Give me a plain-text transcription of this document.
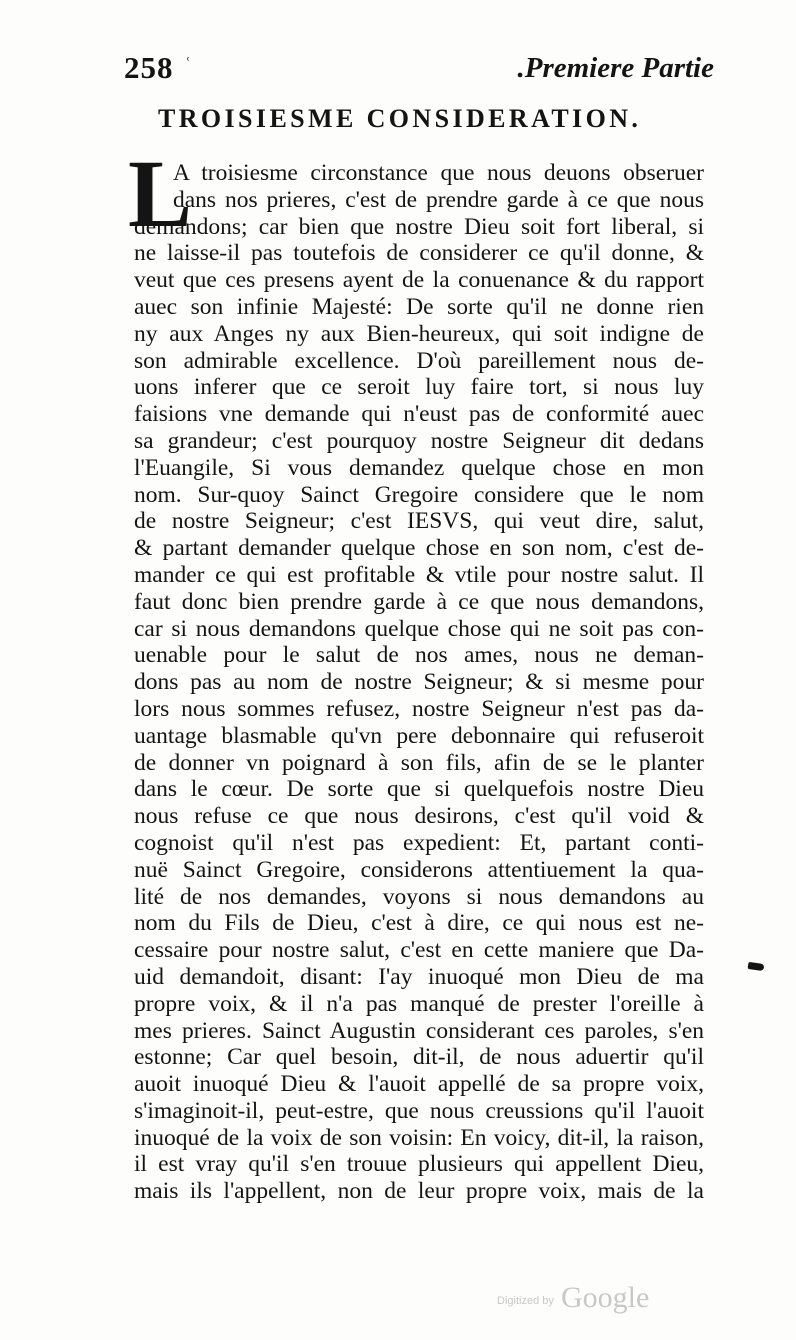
258 ʿ	.Premiere Partie
TROISIESME CONSIDERATION.
L
A troisiesme circonstance que nous deuons obseruer
dans nos prieres, c'est de prendre garde à ce que nous
demandons; car bien que nostre Dieu soit fort liberal, si
ne laisse-il pas toutefois de considerer ce qu'il donne, &
veut que ces presens ayent de la conuenance & du rapport
auec son infinie Majesté: De sorte qu'il ne donne rien
ny aux Anges ny aux Bien-heureux, qui soit indigne de
son admirable excellence. D'où pareillement nous de-
uons inferer que ce seroit luy faire tort, si nous luy
faisions vne demande qui n'eust pas de conformité auec
sa grandeur; c'est pourquoy nostre Seigneur dit dedans
l'Euangile, Si vous demandez quelque chose en mon
nom. Sur-quoy Sainct Gregoire considere que le nom
de nostre Seigneur; c'est IESVS, qui veut dire, salut,
& partant demander quelque chose en son nom, c'est de-
mander ce qui est profitable & vtile pour nostre salut. Il
faut donc bien prendre garde à ce que nous demandons,
car si nous demandons quelque chose qui ne soit pas con-
uenable pour le salut de nos ames, nous ne deman-
dons pas au nom de nostre Seigneur; & si mesme pour
lors nous sommes refusez, nostre Seigneur n'est pas da-
uantage blasmable qu'vn pere debonnaire qui refuseroit
de donner vn poignard à son fils, afin de se le planter
dans le cœur. De sorte que si quelquefois nostre Dieu
nous refuse ce que nous desirons, c'est qu'il void &
cognoist qu'il n'est pas expedient: Et, partant conti-
nuë Sainct Gregoire, considerons attentiuement la qua-
lité de nos demandes, voyons si nous demandons au
nom du Fils de Dieu, c'est à dire, ce qui nous est ne-
cessaire pour nostre salut, c'est en cette maniere que Da-
uid demandoit, disant: I'ay inuoqué mon Dieu de ma
propre voix, & il n'a pas manqué de prester l'oreille à
mes prieres. Sainct Augustin considerant ces paroles, s'en
estonne; Car quel besoin, dit-il, de nous aduertir qu'il
auoit inuoqué Dieu & l'auoit appellé de sa propre voix,
s'imaginoit-il, peut-estre, que nous creussions qu'il l'auoit
inuoqué de la voix de son voisin: En voicy, dit-il, la raison,
il est vray qu'il s'en trouue plusieurs qui appellent Dieu,
mais ils l'appellent, non de leur propre voix, mais de la
Digitized by Google
